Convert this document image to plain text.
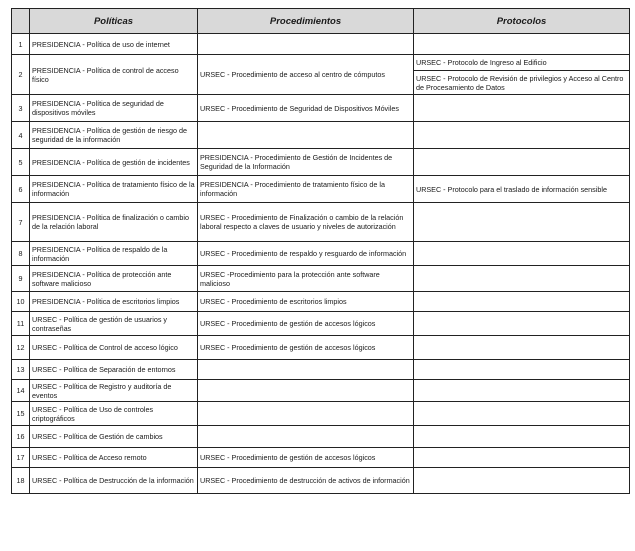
	Políticas	Procedimientos	Protocolos
1	PRESIDENCIA - Política de uso de internet		
2	PRESIDENCIA - Política de control de acceso físico	URSEC - Procedimiento de acceso al centro de cómputos	URSEC - Protocolo de Ingreso al Edificio
URSEC - Protocolo de Revisión de privilegios y Acceso al Centro de Procesamiento de Datos

3	PRESIDENCIA - Política de seguridad de dispositivos móviles	URSEC - Procedimiento de Seguridad de Dispositivos Móviles	
4	PRESIDENCIA - Política de gestión de riesgo de seguridad de la información		
5	PRESIDENCIA - Política de gestión de incidentes	PRESIDENCIA - Procedimiento de Gestión de Incidentes de Seguridad de la Información	
6	PRESIDENCIA - Política de tratamiento físico de la información	PRESIDENCIA - Procedimiento de tratamiento físico de la información	URSEC - Protocolo para el traslado de información sensible
7	PRESIDENCIA - Política de finalización o cambio de la relación laboral	URSEC - Procedimiento de Finalización o cambio de la relación laboral respecto a claves de usuario y niveles de autorización	
8	PRESIDENCIA - Política de respaldo de la información	URSEC - Procedimiento de respaldo y resguardo de información	
9	PRESIDENCIA - Política de protección ante software malicioso	URSEC -Procedimiento para la protección ante software malicioso	
10	PRESIDENCIA - Política de escritorios limpios	URSEC - Procedimiento de escritorios limpios	
11	URSEC - Política de gestión de usuarios y contraseñas	URSEC - Procedimiento de gestión de accesos lógicos	
12	URSEC - Política de Control de acceso lógico	URSEC - Procedimiento de gestión de accesos lógicos	
13	URSEC - Política de Separación de entornos		
14	URSEC - Política de Registro y auditoría de eventos		
15	URSEC - Política de Uso de controles criptográficos		
16	URSEC - Política de Gestión de cambios		
17	URSEC - Política de Acceso remoto	URSEC - Procedimiento de gestión de accesos lógicos	
18	URSEC - Política de Destrucción de la información	URSEC - Procedimiento de destrucción de activos de información	
